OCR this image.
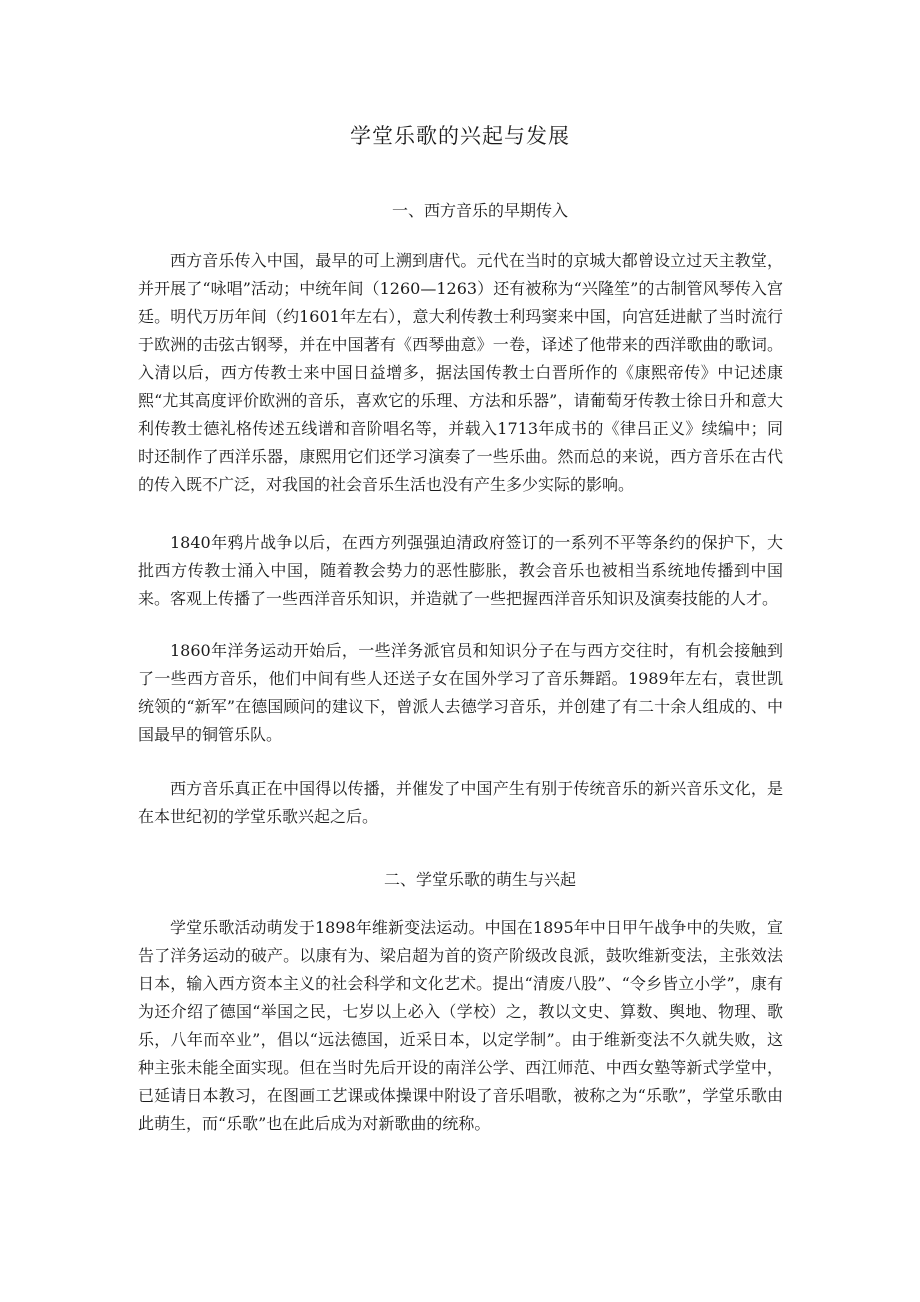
学堂乐歌的兴起与发展
一、西方音乐的早期传入

西方音乐传入中国，最早的可上溯到唐代。元代在当时的京城大都曾设立过天主教堂，并开展了“咏唱”活动；中统年间（1260—1263）还有被称为“兴隆笙”的古制管风琴传入宫廷。明代万历年间（约1601年左右），意大利传教士利玛窦来中国，向宫廷进献了当时流行于欧洲的击弦古钢琴，并在中国著有《西琴曲意》一卷，译述了他带来的西洋歌曲的歌词。入清以后，西方传教士来中国日益增多，据法国传教士白晋所作的《康熙帝传》中记述康熙“尤其高度评价欧洲的音乐，喜欢它的乐理、方法和乐器”，请葡萄牙传教士徐日升和意大利传教士德礼格传述五线谱和音阶唱名等，并载入1713年成书的《律吕正义》续编中；同时还制作了西洋乐器，康熙用它们还学习演奏了一些乐曲。然而总的来说，西方音乐在古代的传入既不广泛，对我国的社会音乐生活也没有产生多少实际的影响。

1840年鸦片战争以后，在西方列强强迫清政府签订的一系列不平等条约的保护下，大批西方传教士涌入中国，随着教会势力的恶性膨胀，教会音乐也被相当系统地传播到中国来。客观上传播了一些西洋音乐知识，并造就了一些把握西洋音乐知识及演奏技能的人才。

1860年洋务运动开始后，一些洋务派官员和知识分子在与西方交往时，有机会接触到了一些西方音乐，他们中间有些人还送子女在国外学习了音乐舞蹈。1989年左右，袁世凯统领的“新军”在德国顾问的建议下，曾派人去德学习音乐，并创建了有二十余人组成的、中国最早的铜管乐队。

西方音乐真正在中国得以传播，并催发了中国产生有别于传统音乐的新兴音乐文化，是在本世纪初的学堂乐歌兴起之后。

二、学堂乐歌的萌生与兴起

学堂乐歌活动萌发于1898年维新变法运动。中国在1895年中日甲午战争中的失败，宣告了洋务运动的破产。以康有为、梁启超为首的资产阶级改良派，鼓吹维新变法，主张效法日本，输入西方资本主义的社会科学和文化艺术。提出“清废八股”、“令乡皆立小学”，康有为还介绍了德国“举国之民，七岁以上必入（学校）之，教以文史、算数、舆地、物理、歌乐，八年而卒业”，倡以“远法德国，近采日本，以定学制”。由于维新变法不久就失败，这种主张未能全面实现。但在当时先后开设的南洋公学、西江师范、中西女塾等新式学堂中，已延请日本教习，在图画工艺课或体操课中附设了音乐唱歌，被称之为“乐歌”，学堂乐歌由此萌生，而“乐歌”也在此后成为对新歌曲的统称。
